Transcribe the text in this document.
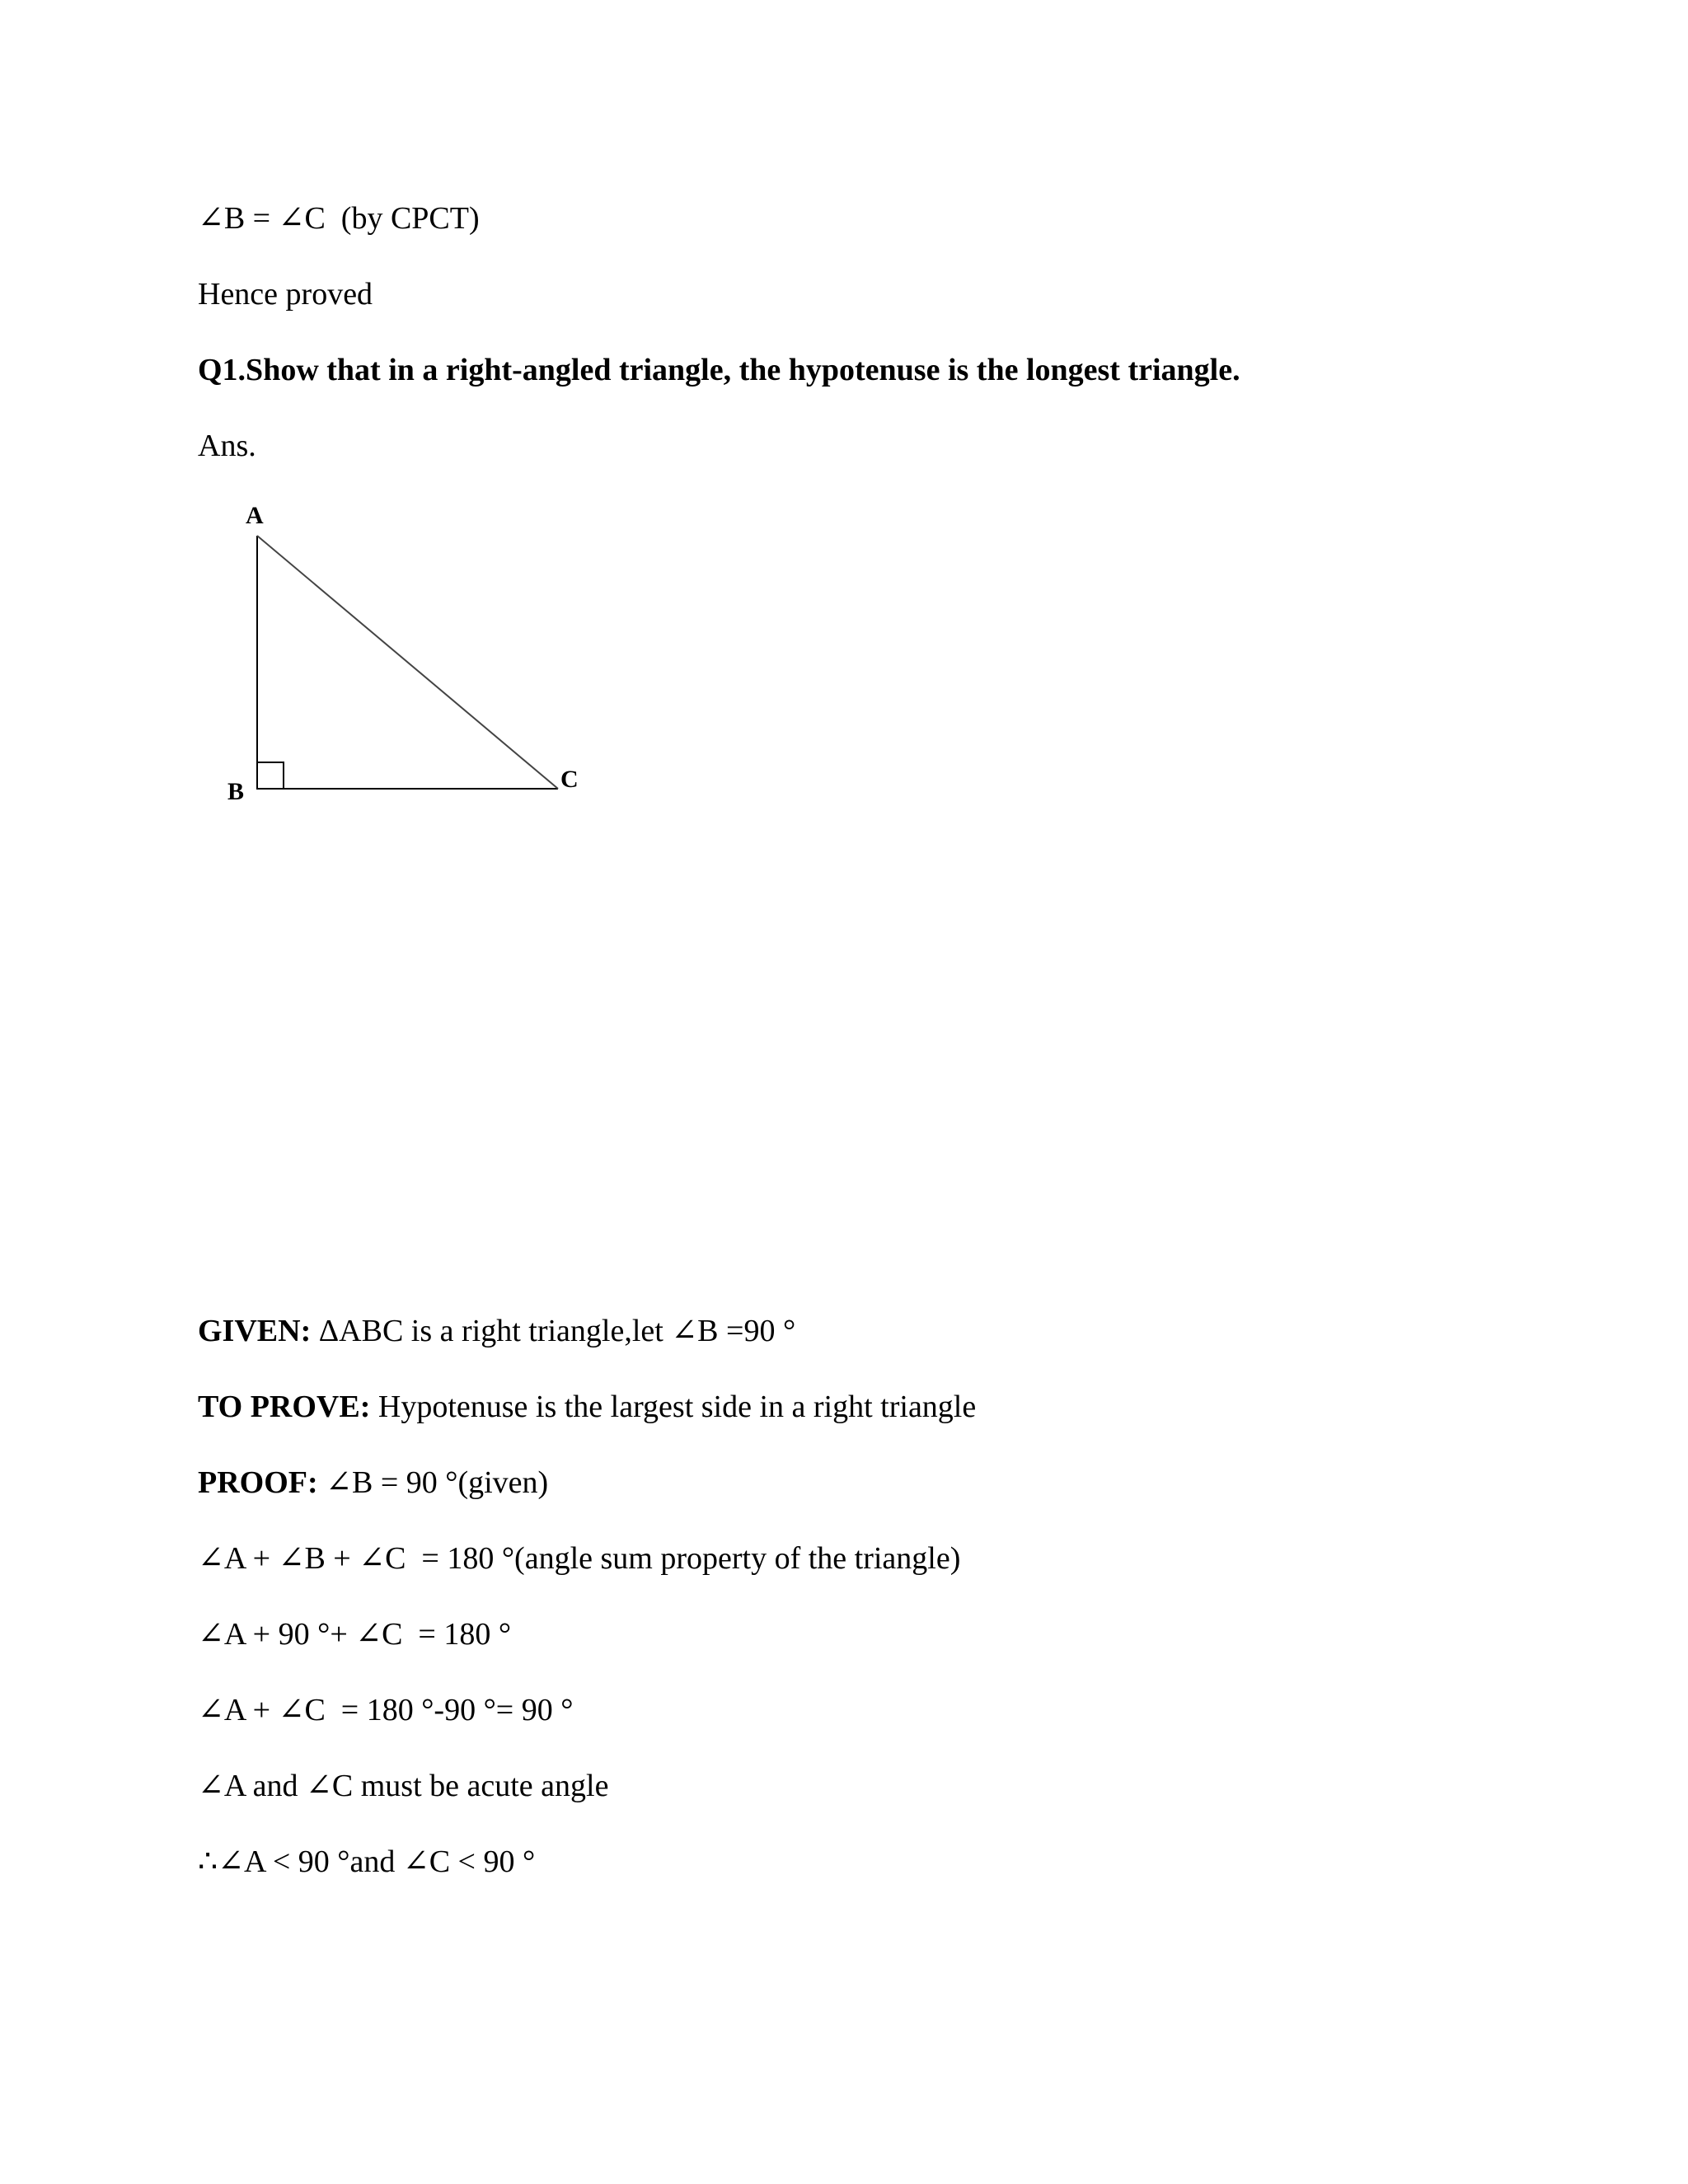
∠B = ∠C  (by CPCT)
Hence proved
Q1.Show that in a right-angled triangle, the hypotenuse is the longest triangle.
Ans.
A
B	C
GIVEN: ΔABC is a right triangle,let ∠B =90 °
TO PROVE: Hypotenuse is the largest side in a right triangle
PROOF: ∠B = 90 °(given)
∠A + ∠B + ∠C  = 180 °(angle sum property of the triangle)
∠A + 90 °+ ∠C  = 180 °
∠A + ∠C  = 180 °-90 °= 90 °
∠A and ∠C must be acute angle
∴∠A < 90 °and ∠C < 90 °
